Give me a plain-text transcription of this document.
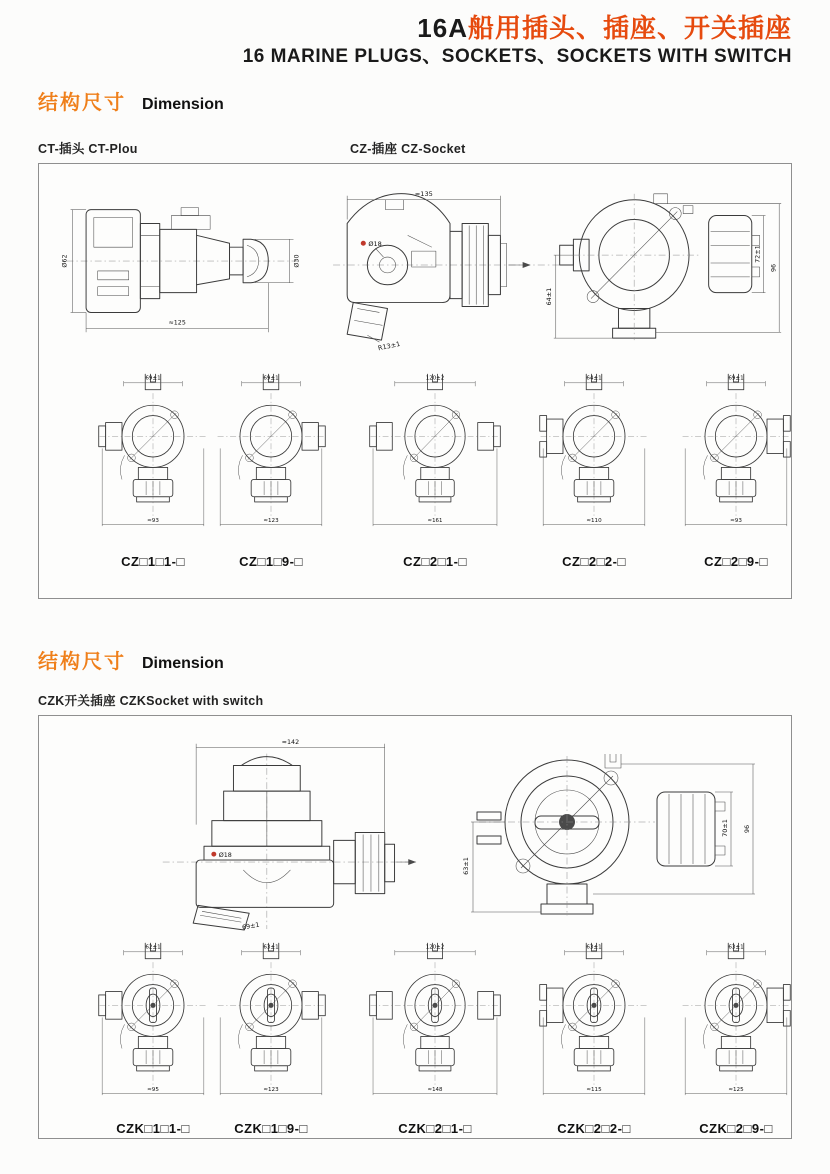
16A船用插头、插座、开关插座
16 MARINE PLUGS、SOCKETS、SOCKETS WITH SWITCH
结构尺寸 Dimension
CT-插头 CT-Plou	CZ-插座 CZ-Socket
Ø62
≈125
Ø30
≈135
Ø18
R13±1
64±1
72±1
96
69±1
≈93
69±1
≈123
120±2
≈161
64±1
≈110
69±1
≈93
CZ□1□1-□	CZ□1□9-□	CZ□2□1-□	CZ□2□2-□	CZ□2□9-□
结构尺寸 Dimension
CZK开关插座 CZKSocket with switch
≈142
Ø18
69±1
63±1
70±1 96
62±1
≈95
63±1
≈123
120±2
≈148
63±1
≈115
63±1
≈125
CZK□1□1-□	CZK□1□9-□	CZK□2□1-□	CZK□2□2-□	CZK□2□9-□
